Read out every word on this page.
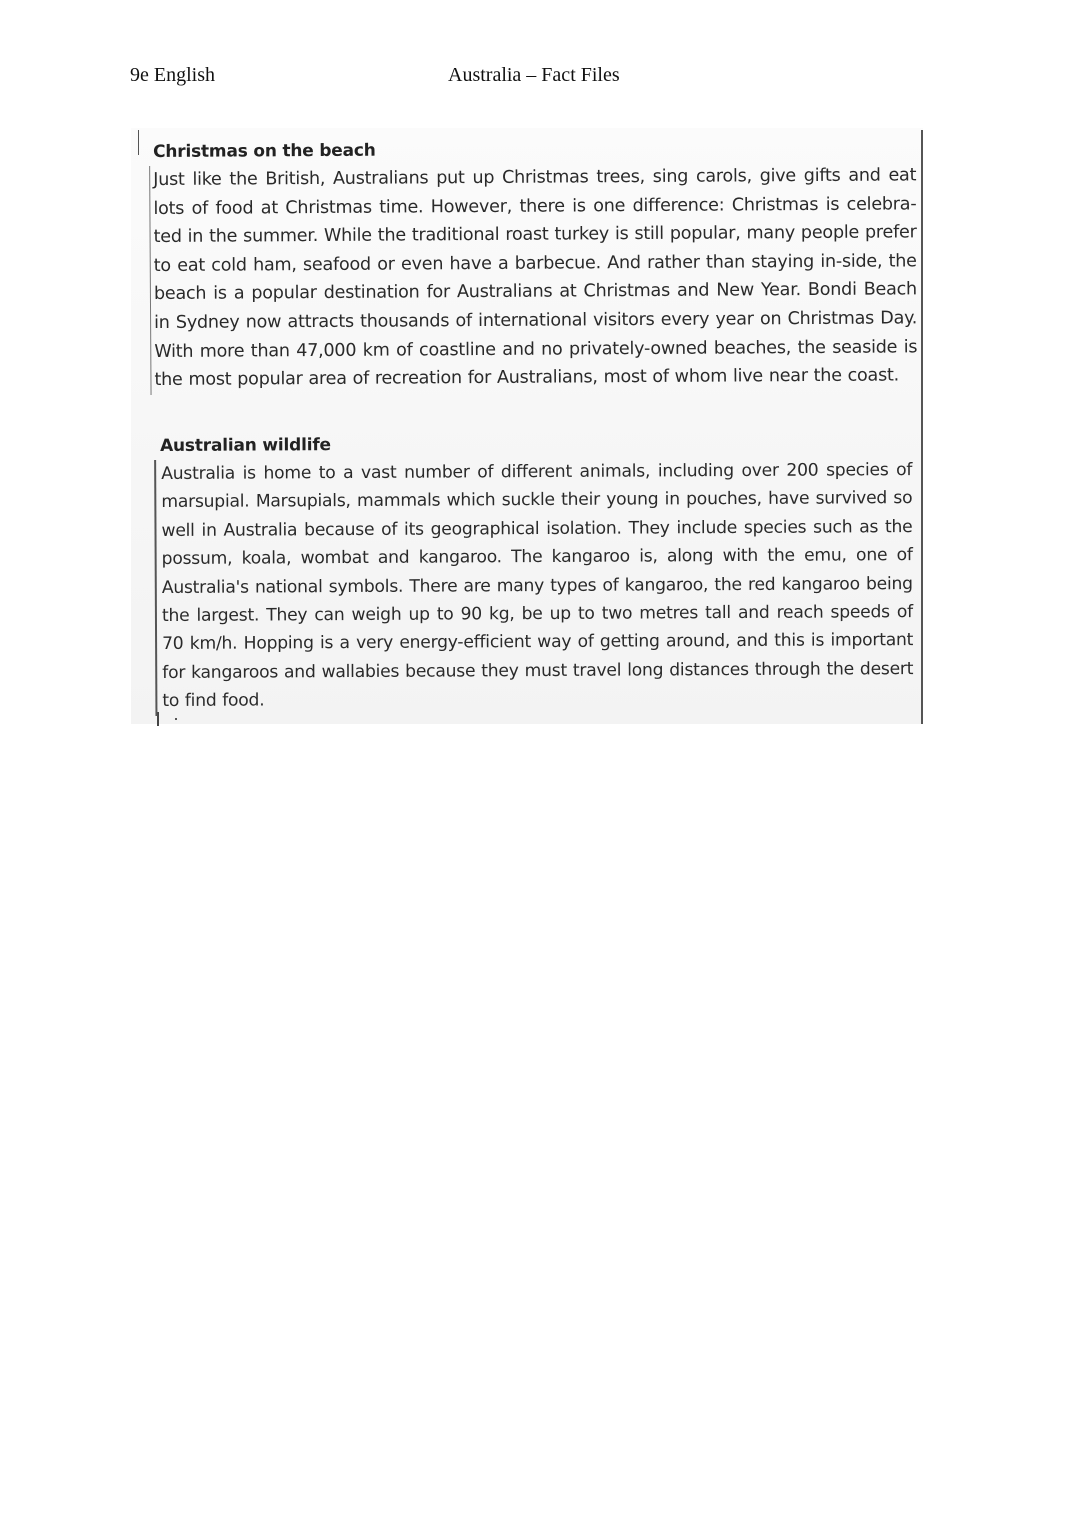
9e English	Australia – Fact Files
Christmas on the beach

Just like the British, Australians put up Christmas trees, sing carols, give gifts and eat lots of food at Christmas time. However, there is one difference: Christmas is celebra-ted in the summer. While the traditional roast turkey is still popular, many people prefer to eat cold ham, seafood or even have a barbecue. And rather than staying in-side, the beach is a popular destination for Australians at Christmas and New Year. Bondi Beach in Sydney now attracts thousands of international visitors every year on Christmas Day. With more than 47,000 km of coastline and no privately-owned beaches, the seaside is the most popular area of recreation for Australians, most of whom live near the coast.

Australian wildlife

Australia is home to a vast number of different animals, including over 200 species of marsupial. Marsupials, mammals which suckle their young in pouches, have survived so well in Australia because of its geographical isolation. They include species such as the possum, koala, wombat and kangaroo. The kangaroo is, along with the emu, one of Australia's national symbols. There are many types of kangaroo, the red kangaroo being the largest. They can weigh up to 90 kg, be up to two metres tall and reach speeds of 70 km/h. Hopping is a very energy-efficient way of getting around, and this is important for kangaroos and wallabies because they must travel long distances through the desert to find food.
